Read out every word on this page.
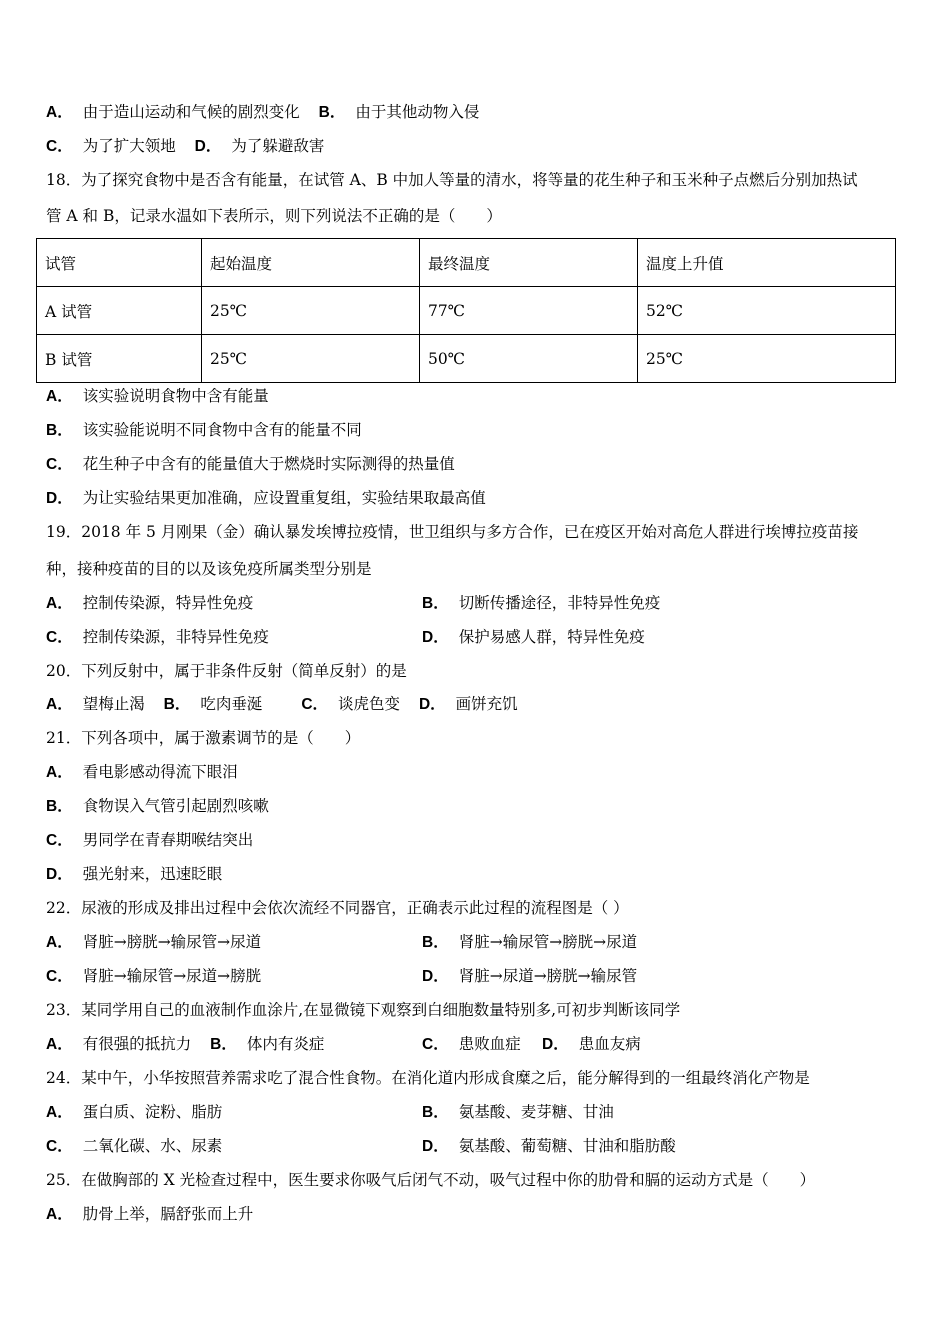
A． 由于造山运动和气候的剧烈变化 B． 由于其他动物入侵
C． 为了扩大领地 D． 为了躲避敌害
18．为了探究食物中是否含有能量，在试管 A、B 中加人等量的清水，将等量的花生种子和玉米种子点燃后分别加热试
管 A 和 B，记录水温如下表所示，则下列说法不正确的是（　　）
试管	起始温度	最终温度	温度上升值
A 试管	25℃	77℃	52℃
B 试管	25℃	50℃	25℃
A． 该实验说明食物中含有能量
B． 该实验能说明不同食物中含有的能量不同
C． 花生种子中含有的能量值大于燃烧时实际测得的热量值
D． 为让实验结果更加准确，应设置重复组，实验结果取最高值
19．2018 年 5 月刚果（金）确认暴发埃博拉疫情，世卫组织与多方合作，已在疫区开始对高危人群进行埃博拉疫苗接
种，接种疫苗的目的以及该免疫所属类型分别是
A． 控制传染源，特异性免疫	B． 切断传播途径，非特异性免疫
C． 控制传染源，非特异性免疫	D． 保护易感人群，特异性免疫
20．下列反射中，属于非条件反射（简单反射）的是
A． 望梅止渴 B． 吃肉垂涎	C． 谈虎色变 D． 画饼充饥
21．下列各项中，属于激素调节的是（　　）
A． 看电影感动得流下眼泪
B． 食物误入气管引起剧烈咳嗽
C． 男同学在青春期喉结突出
D． 强光射来，迅速眨眼
22．尿液的形成及排出过程中会依次流经不同器官，正确表示此过程的流程图是（ ）
A． 肾脏→膀胱→输尿管→尿道	B． 肾脏→输尿管→膀胱→尿道
C． 肾脏→输尿管→尿道→膀胱	D． 肾脏→尿道→膀胱→输尿管
23．某同学用自己的血液制作血涂片,在显微镜下观察到白细胞数量特别多,可初步判断该同学
A． 有很强的抵抗力 B． 体内有炎症	C． 患败血症 D． 患血友病
24．某中午，小华按照营养需求吃了混合性食物。在消化道内形成食糜之后，能分解得到的一组最终消化产物是
A． 蛋白质、淀粉、脂肪	B． 氨基酸、麦芽糖、甘油
C． 二氧化碳、水、尿素	D． 氨基酸、葡萄糖、甘油和脂肪酸
25．在做胸部的 X 光检查过程中，医生要求你吸气后闭气不动，吸气过程中你的肋骨和膈的运动方式是（　　）
A． 肋骨上举，膈舒张而上升
